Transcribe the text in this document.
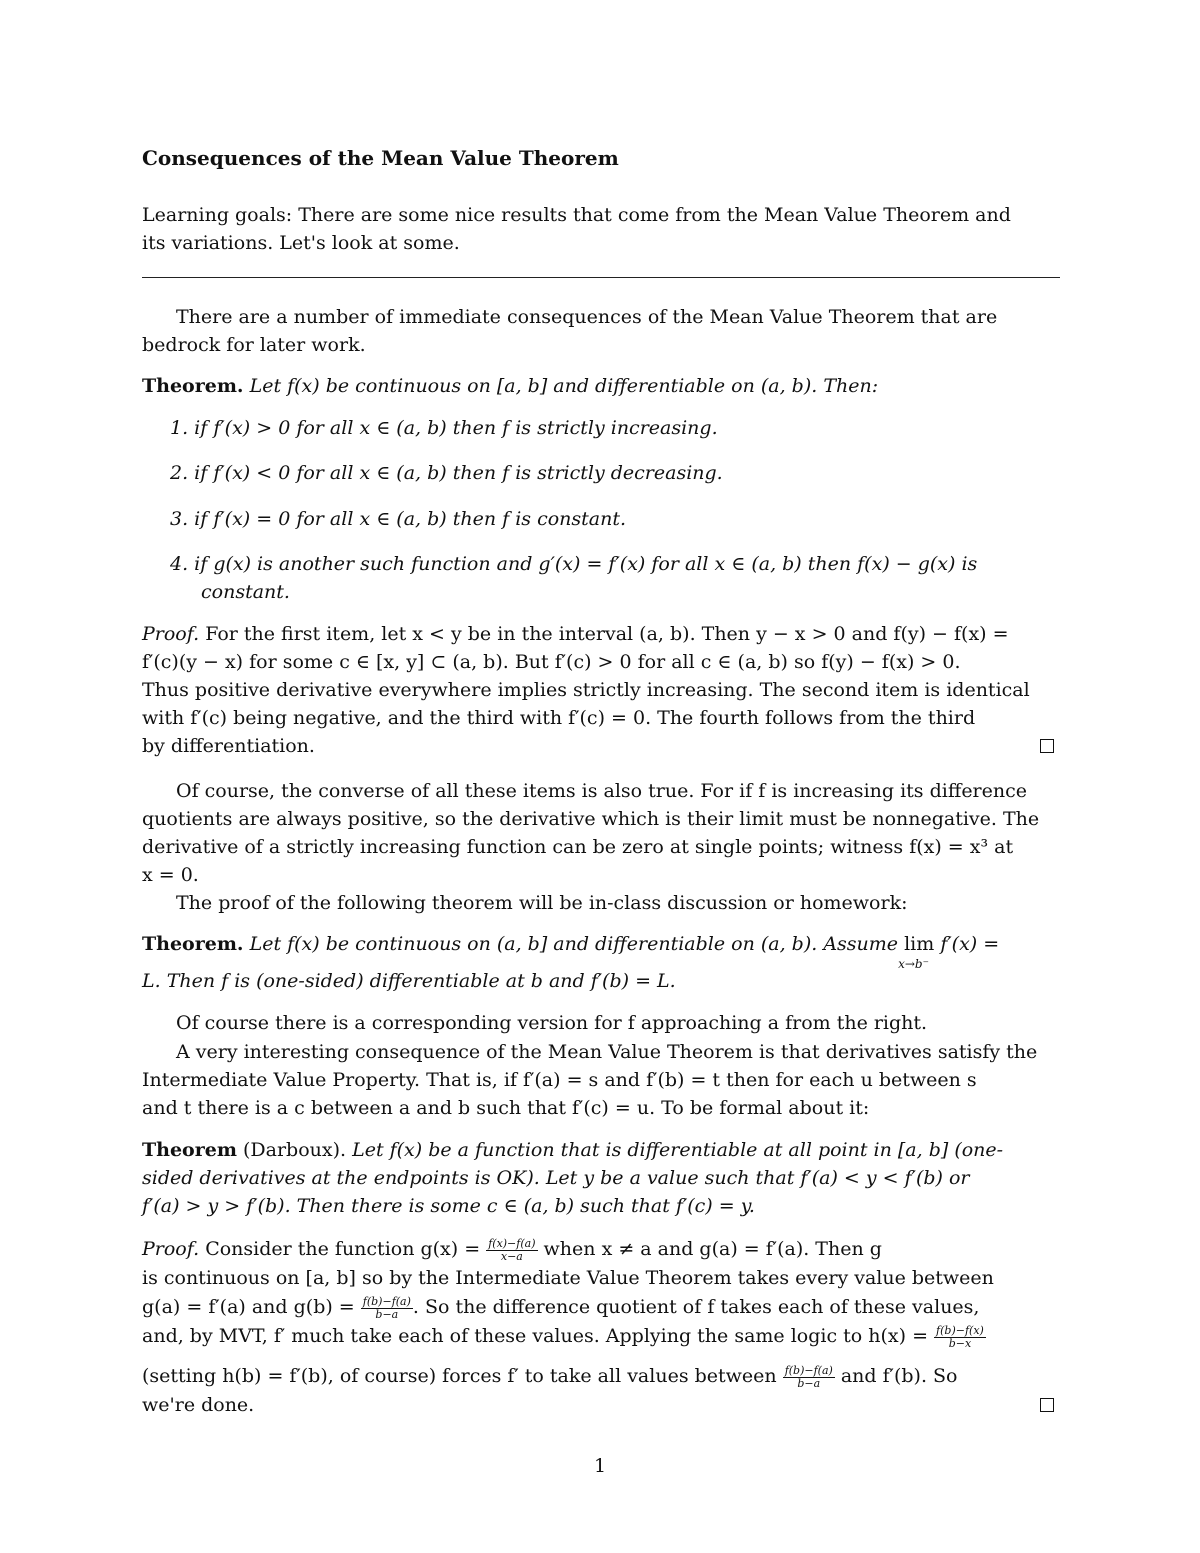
Consequences of the Mean Value Theorem
Learning goals: There are some nice results that come from the Mean Value Theorem and
its variations. Let's look at some.
There are a number of immediate consequences of the Mean Value Theorem that are
bedrock for later work.
Theorem. Let f(x) be continuous on [a, b] and differentiable on (a, b). Then:
1. if f′(x) > 0 for all x ∈ (a, b) then f is strictly increasing.
2. if f′(x) < 0 for all x ∈ (a, b) then f is strictly decreasing.
3. if f′(x) = 0 for all x ∈ (a, b) then f is constant.
4. if g(x) is another such function and g′(x) = f′(x) for all x ∈ (a, b) then f(x) − g(x) is
constant.
Proof. For the first item, let x < y be in the interval (a, b). Then y − x > 0 and f(y) − f(x) =
f′(c)(y − x) for some c ∈ [x, y] ⊂ (a, b). But f′(c) > 0 for all c ∈ (a, b) so f(y) − f(x) > 0.
Thus positive derivative everywhere implies strictly increasing. The second item is identical
with f′(c) being negative, and the third with f′(c) = 0. The fourth follows from the third
by differentiation.
Of course, the converse of all these items is also true. For if f is increasing its difference
quotients are always positive, so the derivative which is their limit must be nonnegative. The
derivative of a strictly increasing function can be zero at single points; witness f(x) = x³ at
x = 0.
The proof of the following theorem will be in-class discussion or homework:
Theorem. Let f(x) be continuous on (a, b] and differentiable on (a, b). Assume lim
x→b⁻
f′(x) =
L. Then f is (one-sided) differentiable at b and f′(b) = L.
Of course there is a corresponding version for f approaching a from the right.
A very interesting consequence of the Mean Value Theorem is that derivatives satisfy the
Intermediate Value Property. That is, if f′(a) = s and f′(b) = t then for each u between s
and t there is a c between a and b such that f′(c) = u. To be formal about it:
Theorem (Darboux). Let f(x) be a function that is differentiable at all point in [a, b] (one-
sided derivatives at the endpoints is OK). Let y be a value such that f′(a) < y < f′(b) or
f′(a) > y > f′(b). Then there is some c ∈ (a, b) such that f′(c) = y.
Proof. Consider the function $g(x) = \frac{f(x)-f(a)}{x-a}$ when x ≠ a and g(a) = f′(a). Then g
is continuous on [a, b] so by the Intermediate Value Theorem takes every value between
g(a) = f′(a) and $g(b) = \frac{f(b)-f(a)}{b-a}$ . So the difference quotient of f takes each of these values,
and, by MVT, f′ much take each of these values. Applying the same logic to $h(x) = \frac{f(b)-f(x)}{b-x}$
(setting h(b) = f′(b), of course) forces f′ to take all values between $\frac{f(b)-f(a)}{b-a}$ and f′(b). So
we're done.
1
